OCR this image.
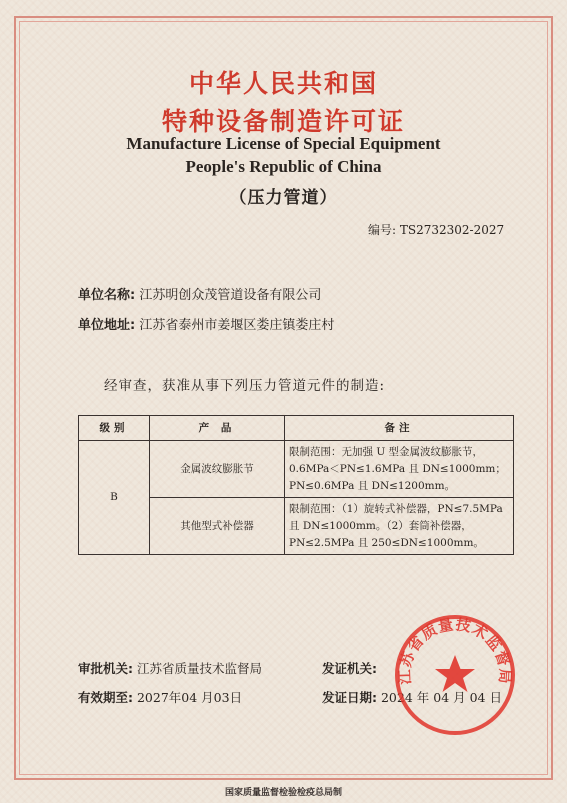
中华人民共和国
特种设备制造许可证
Manufacture License of Special Equipment
People's Republic of China
（压力管道）
编号: TS2732302-2027
单位名称: 江苏明创众茂管道设备有限公司
单位地址: 江苏省泰州市姜堰区娄庄镇娄庄村
经审查，获准从事下列压力管道元件的制造:
级别	产 品	备注
B	金属波纹膨胀节	限制范围：无加强 U 型金属波纹膨胀节， 0.6MPa＜PN≤1.6MPa 且 DN≤1000mm；PN≤0.6MPa 且 DN≤1200mm。
	其他型式补偿器	限制范围：（1）旋转式补偿器，PN≤7.5MPa 且 DN≤1000mm。（2）套筒补偿器，PN≤2.5MPa 且 250≤DN≤1000mm。
审批机关: 江苏省质量技术监督局
有效期至: 2027年04 月03日
发证机关:
发证日期: 2024 年 04 月 04 日
江苏省质量技术监督局
国家质量监督检验检疫总局制
